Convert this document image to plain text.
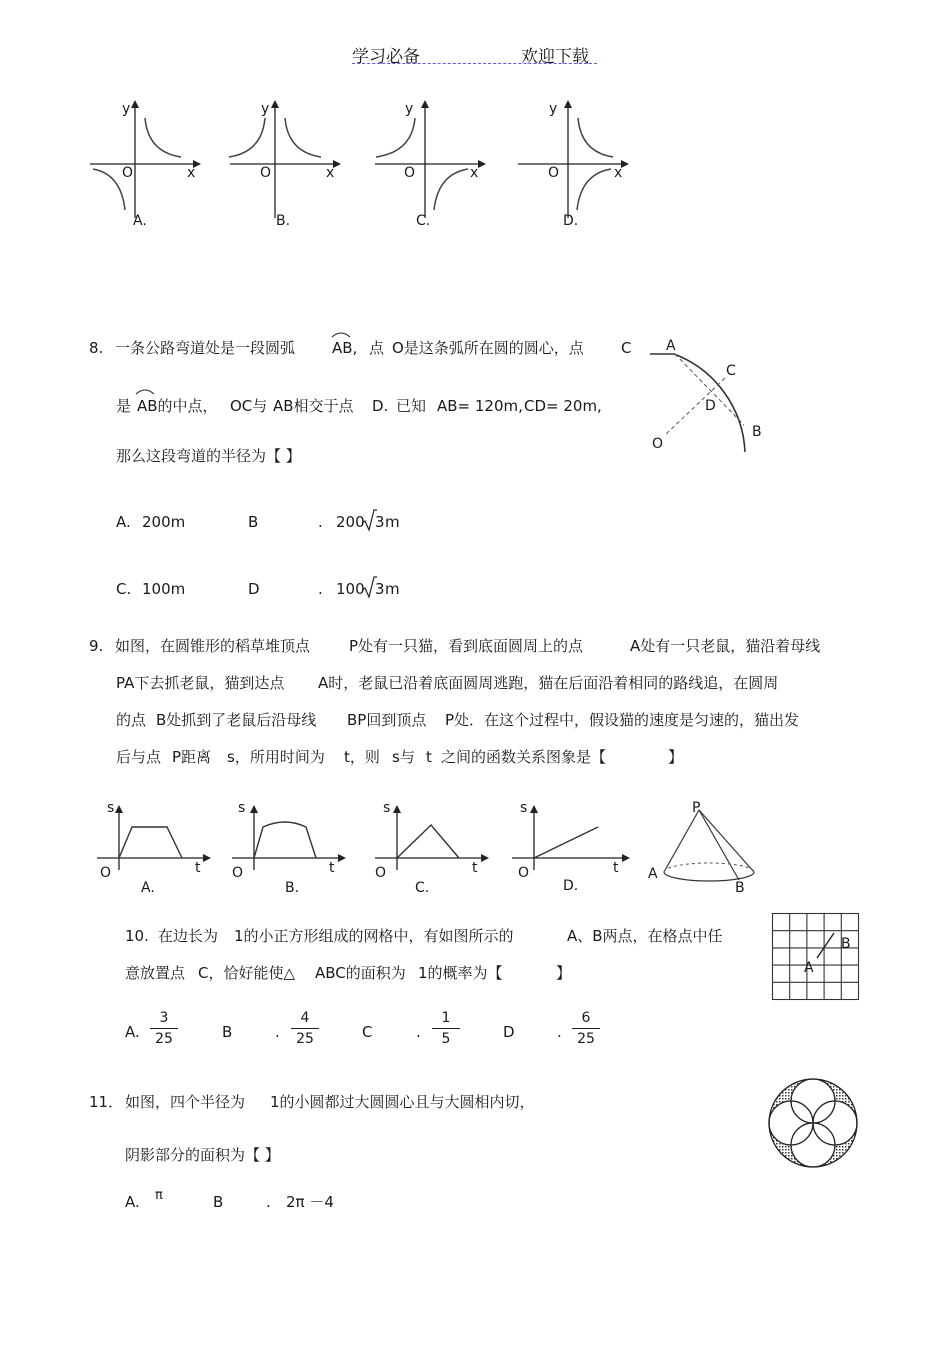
学习必备	欢迎下载
y
O	x
A.
y
O	x
B.
y
O	x
C.
y
O	x
D.
8. 一条公路弯道处是一段圆弧 AB, 点 O是这条弧所在圆的圆心，点 C
是 AB的中点， OC与 AB相交于点 D. 已知 AB= 120m, CD= 20m,
那么这段弯道的半径为【 】
A. 200m	B	. 200 3 m
C. 100m	D	. 100 3 m
A
C
D
B
O
9. 如图，在圆锥形的稻草堆顶点	P处有一只猫，看到底面圆周上的点	A处有一只老鼠，猫沿着母线
PA下去抓老鼠，猫到达点 A时，老鼠已沿着底面圆周逃跑，猫在后面沿着相同的路线追，在圆周
的点 B处抓到了老鼠后沿母线 BP回到顶点 P处．在这个过程中，假设猫的速度是匀速的，猫出发
后与点 P距离 s，所用时间为 t，则 s与 t 之间的函数关系图象是【	】
s
O	t
A.
s
O	t
B.
s
O	t
C.
s
O	t
D.
P
A
B
10. 在边长为 1的小正方形组成的网格中，有如图所示的	A、B两点，在格点中任
意放置点 C，恰好能使△ ABC的面积为 1的概率为【	】
A.
3
25	B	.
4
25	C	.
1
5	D	.
6
25
B
A
11． 如图，四个半径为 1的小圆都过大圆圆心且与大圆相内切，
阴影部分的面积为【 】
A. π	B	. 2π －4
